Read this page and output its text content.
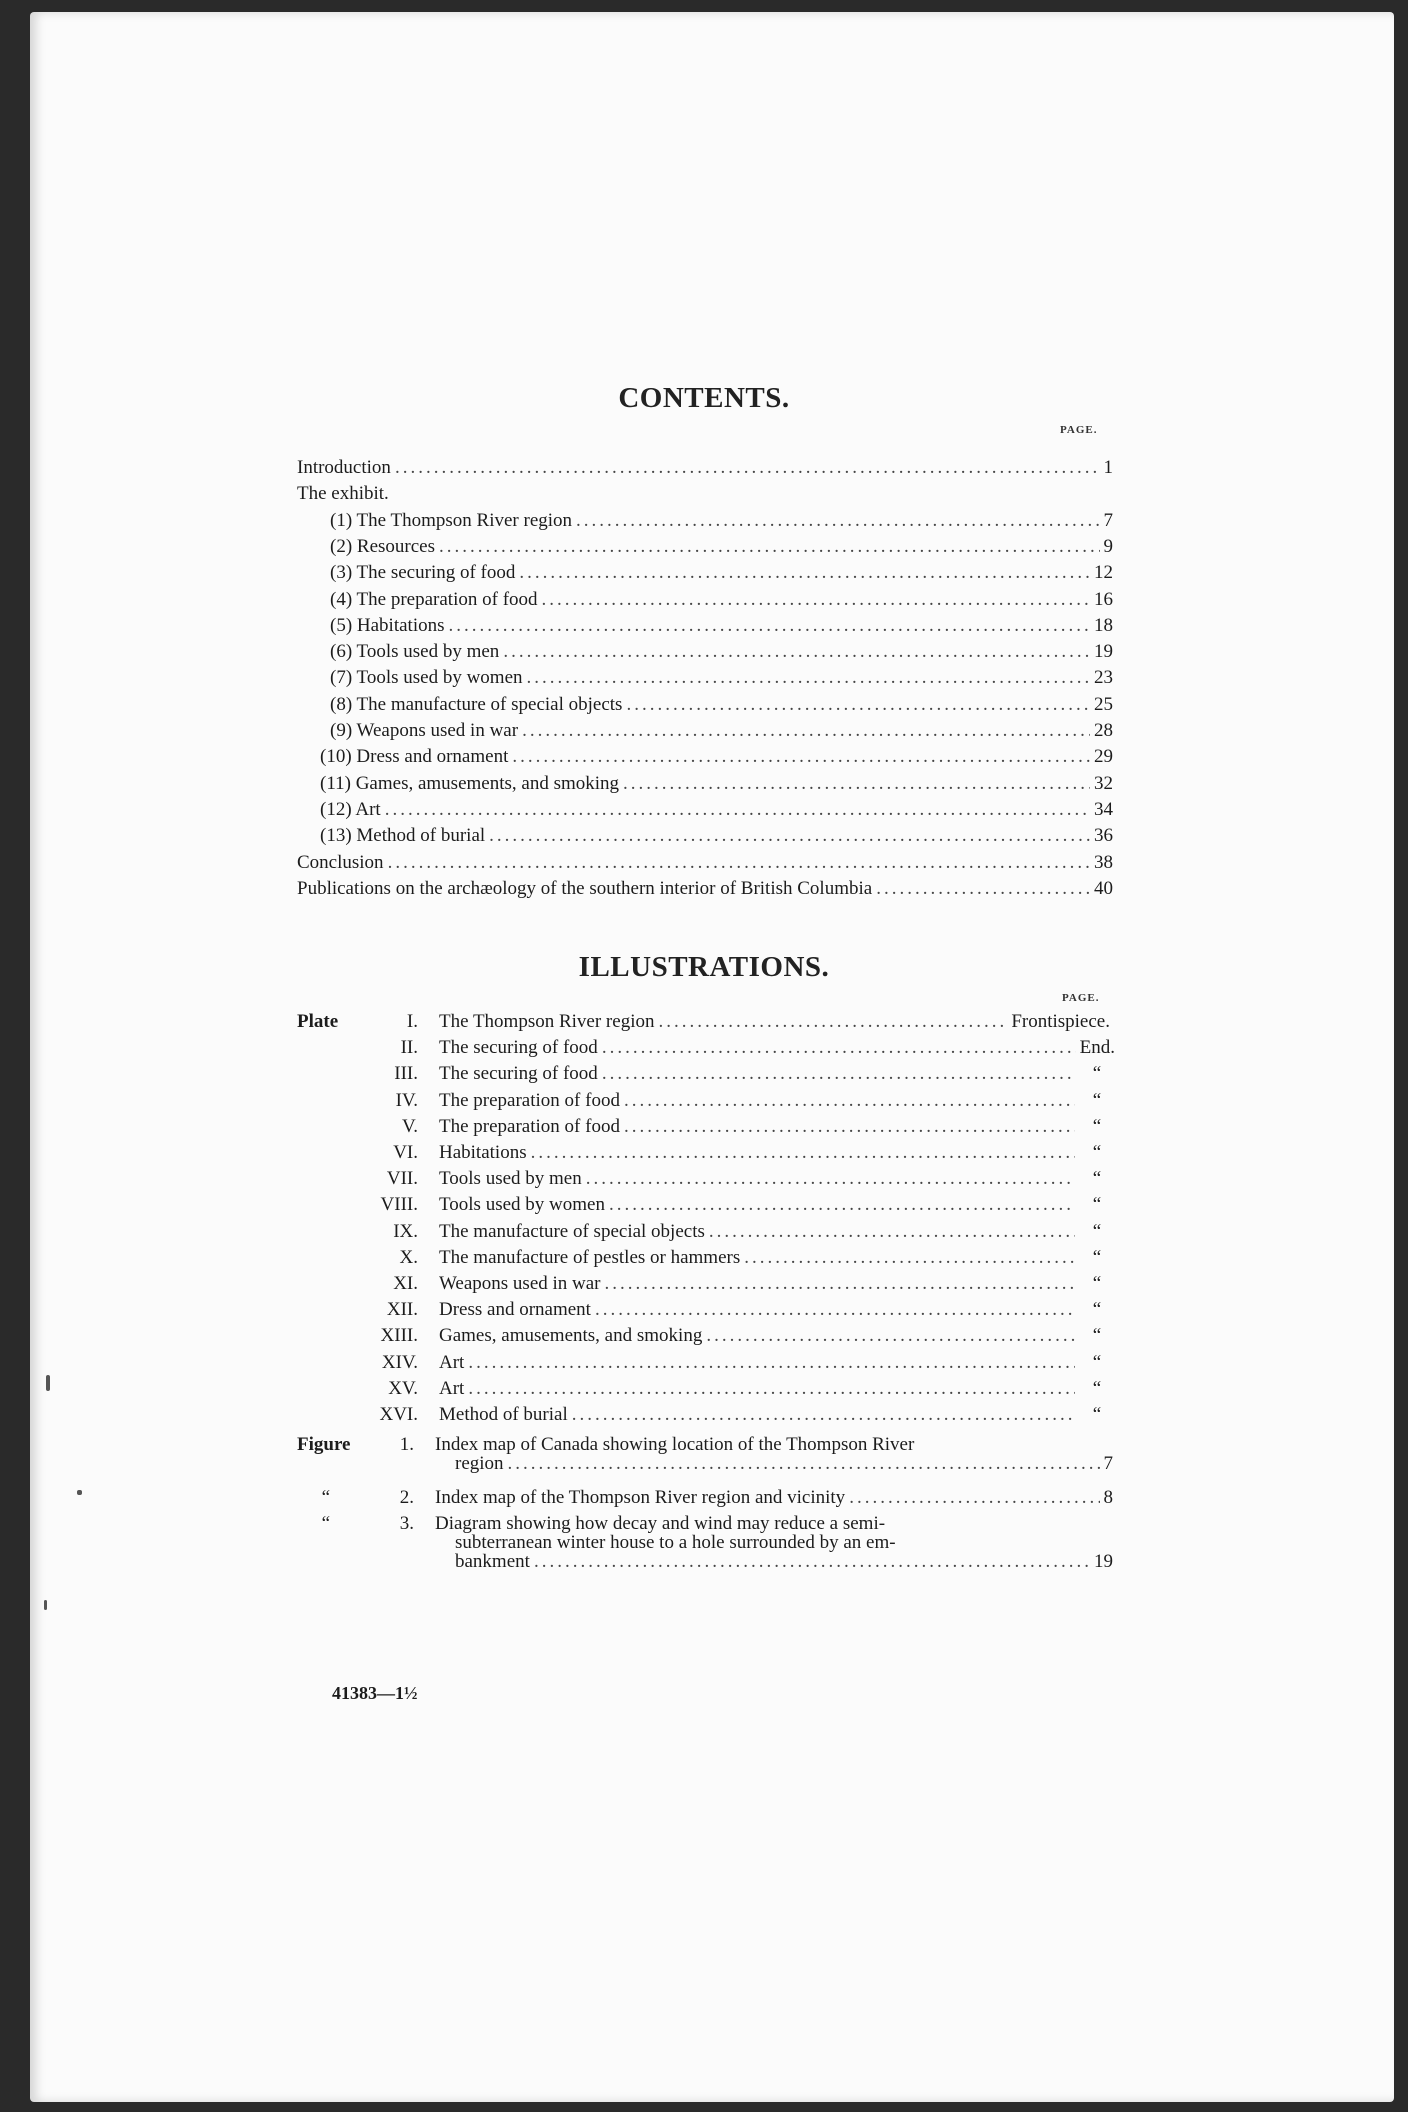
CONTENTS.
PAGE.
Introduction .....	1
The exhibit.
(1) The Thompson River region .....	7
(2) Resources .....	9
(3) The securing of food .....	12
(4) The preparation of food .....	16
(5) Habitations .....	18
(6) Tools used by men .....	19
(7) Tools used by women .....	23
(8) The manufacture of special objects .....	25
(9) Weapons used in war .....	28
(10) Dress and ornament .....	29
(11) Games, amusements, and smoking .....	32
(12) Art .....	34
(13) Method of burial .....	36
Conclusion .....	38
Publications on the archæology of the southern interior of British Columbia .....	40
ILLUSTRATIONS.
PAGE.
Plate	I. The Thompson River region .....	Frontispiece.
II. The securing of food .....	End.
III. The securing of food .....	“
IV. The preparation of food .....	“
V. The preparation of food .....	“
VI. Habitations .....	“
VII. Tools used by men .....	“
VIII. Tools used by women .....	“
IX. The manufacture of special objects .....	“
X. The manufacture of pestles or hammers .....	“
XI. Weapons used in war .....	“
XII. Dress and ornament .....	“
XIII. Games, amusements, and smoking .....	“
XIV. Art .....	“
XV. Art .....	“
XVI. Method of burial .....	“
Figure	1. Index map of Canada showing location of the Thompson River
region .....	7
“	2. Index map of the Thompson River region and vicinity .....	8
“	3. Diagram showing how decay and wind may reduce a semi-
subterranean winter house to a hole surrounded by an em-
bankment .....	19
41383—1½
